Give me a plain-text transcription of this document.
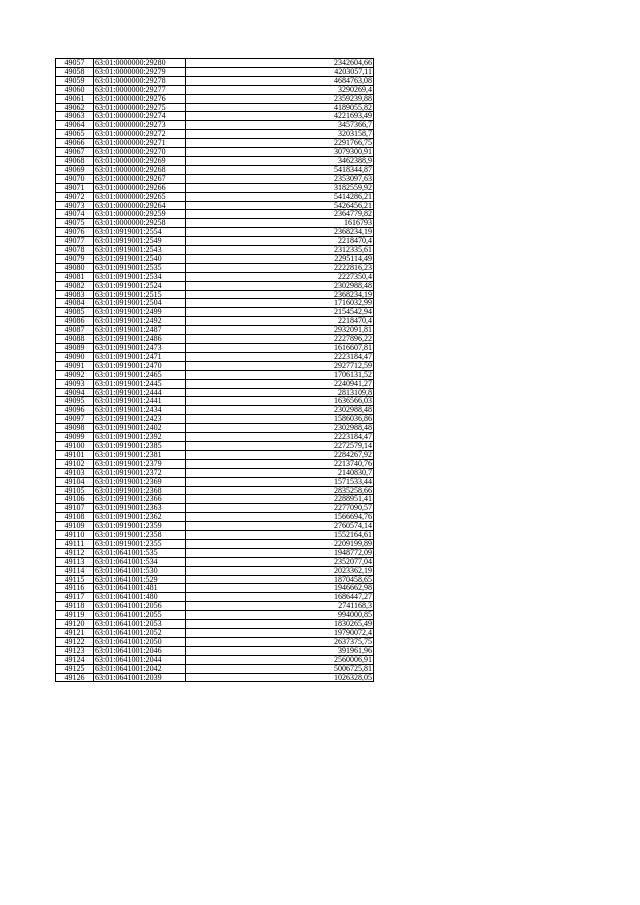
49057	63:01:0000000:29280	2342604,66
49058	63:01:0000000:29279	4203057,11
49059	63:01:0000000:29278	4684763,08
49060	63:01:0000000:29277	3290269,4
49061	63:01:0000000:29276	2359239,88
49062	63:01:0000000:29275	4189055,82
49063	63:01:0000000:29274	4221693,49
49064	63:01:0000000:29273	3457366,7
49065	63:01:0000000:29272	3203158,7
49066	63:01:0000000:29271	2291766,75
49067	63:01:0000000:29270	3079300,91
49068	63:01:0000000:29269	3462388,9
49069	63:01:0000000:29268	5418344,87
49070	63:01:0000000:29267	2353097,63
49071	63:01:0000000:29266	3182559,92
49072	63:01:0000000:29265	5414286,21
49073	63:01:0000000:29264	5426456,21
49074	63:01:0000000:29259	2364779,82
49075	63:01:0000000:29258	1616793
49076	63:01:0919001:2554	2368234,19
49077	63:01:0919001:2549	2218470,4
49078	63:01:0919001:2543	2312335,61
49079	63:01:0919001:2540	2295114,49
49080	63:01:0919001:2535	2222816,23
49081	63:01:0919001:2534	2227350,4
49082	63:01:0919001:2524	2302988,48
49083	63:01:0919001:2515	2368234,19
49084	63:01:0919001:2504	1716032,99
49085	63:01:0919001:2499	2154542,94
49086	63:01:0919001:2492	2218470,4
49087	63:01:0919001:2487	2932091,81
49088	63:01:0919001:2486	2227896,22
49089	63:01:0919001:2473	1616607,81
49090	63:01:0919001:2471	2223184,47
49091	63:01:0919001:2470	2927712,59
49092	63:01:0919001:2465	1706131,52
49093	63:01:0919001:2445	2240941,27
49094	63:01:0919001:2444	2813109,8
49095	63:01:0919001:2441	1636566,03
49096	63:01:0919001:2434	2302988,48
49097	63:01:0919001:2423	1586036,86
49098	63:01:0919001:2402	2302988,48
49099	63:01:0919001:2392	2223184,47
49100	63:01:0919001:2385	2272579,14
49101	63:01:0919001:2381	2284267,92
49102	63:01:0919001:2379	2213740,76
49103	63:01:0919001:2372	2140830,7
49104	63:01:0919001:2369	1571533,44
49105	63:01:0919001:2368	2835258,66
49106	63:01:0919001:2366	2288951,41
49107	63:01:0919001:2363	2277090,57
49108	63:01:0919001:2362	1566694,76
49109	63:01:0919001:2359	2760574,14
49110	63:01:0919001:2358	1552164,61
49111	63:01:0919001:2355	2209199,89
49112	63:01:0641001:535	1948772,09
49113	63:01:0641001:534	2352077,04
49114	63:01:0641001:530	2023362,19
49115	63:01:0641001:529	1870458,65
49116	63:01:0641001:481	1946662,98
49117	63:01:0641001:480	1686447,27
49118	63:01:0641001:2056	2741168,3
49119	63:01:0641001:2055	994000,85
49120	63:01:0641001:2053	1830265,49
49121	63:01:0641001:2052	19790072,4
49122	63:01:0641001:2050	2637375,75
49123	63:01:0641001:2046	391961,96
49124	63:01:0641001:2044	2560006,91
49125	63:01:0641001:2042	5006725,81
49126	63:01:0641001:2039	1026328,05
